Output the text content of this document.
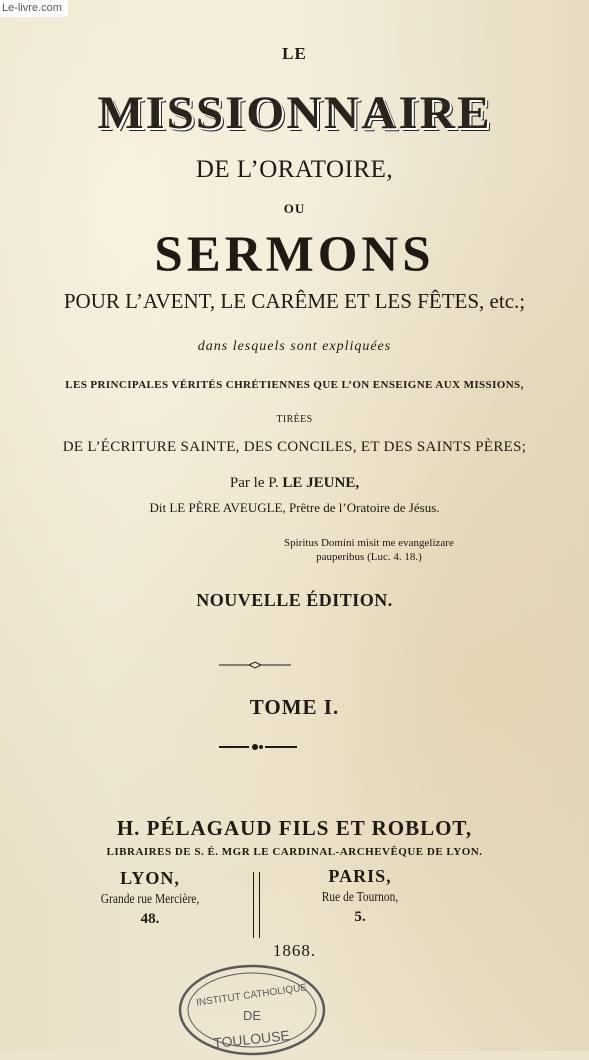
Le-livre.com
LE
MISSIONNAIRE
DE L’ORATOIRE,
OU
SERMONS
POUR L’AVENT, LE CARÊME ET LES FÊTES, etc.;
dans lesquels sont expliquées
LES PRINCIPALES VÉRITÉS CHRÉTIENNES QUE L’ON ENSEIGNE AUX MISSIONS,
TIRÉES
DE L’ÉCRITURE SAINTE, DES CONCILES, ET DES SAINTS PÈRES;
Par le P. LE JEUNE,
Dit LE PÈRE AVEUGLE, Prêtre de l’Oratoire de Jésus.
Spiritus Domini misit me evangelizare
pauperibus (Luc. 4. 18.)
NOUVELLE ÉDITION.
TOME I.
H. PÉLAGAUD FILS ET ROBLOT,
LIBRAIRES DE S. É. MGR LE CARDINAL-ARCHEVÊQUE DE LYON.
LYON,
Grande rue Mercière,
48.
PARIS,
Rue de Tournon,
5.
1868.
INSTITUT CATHOLIQUE
DE
TOULOUSE
